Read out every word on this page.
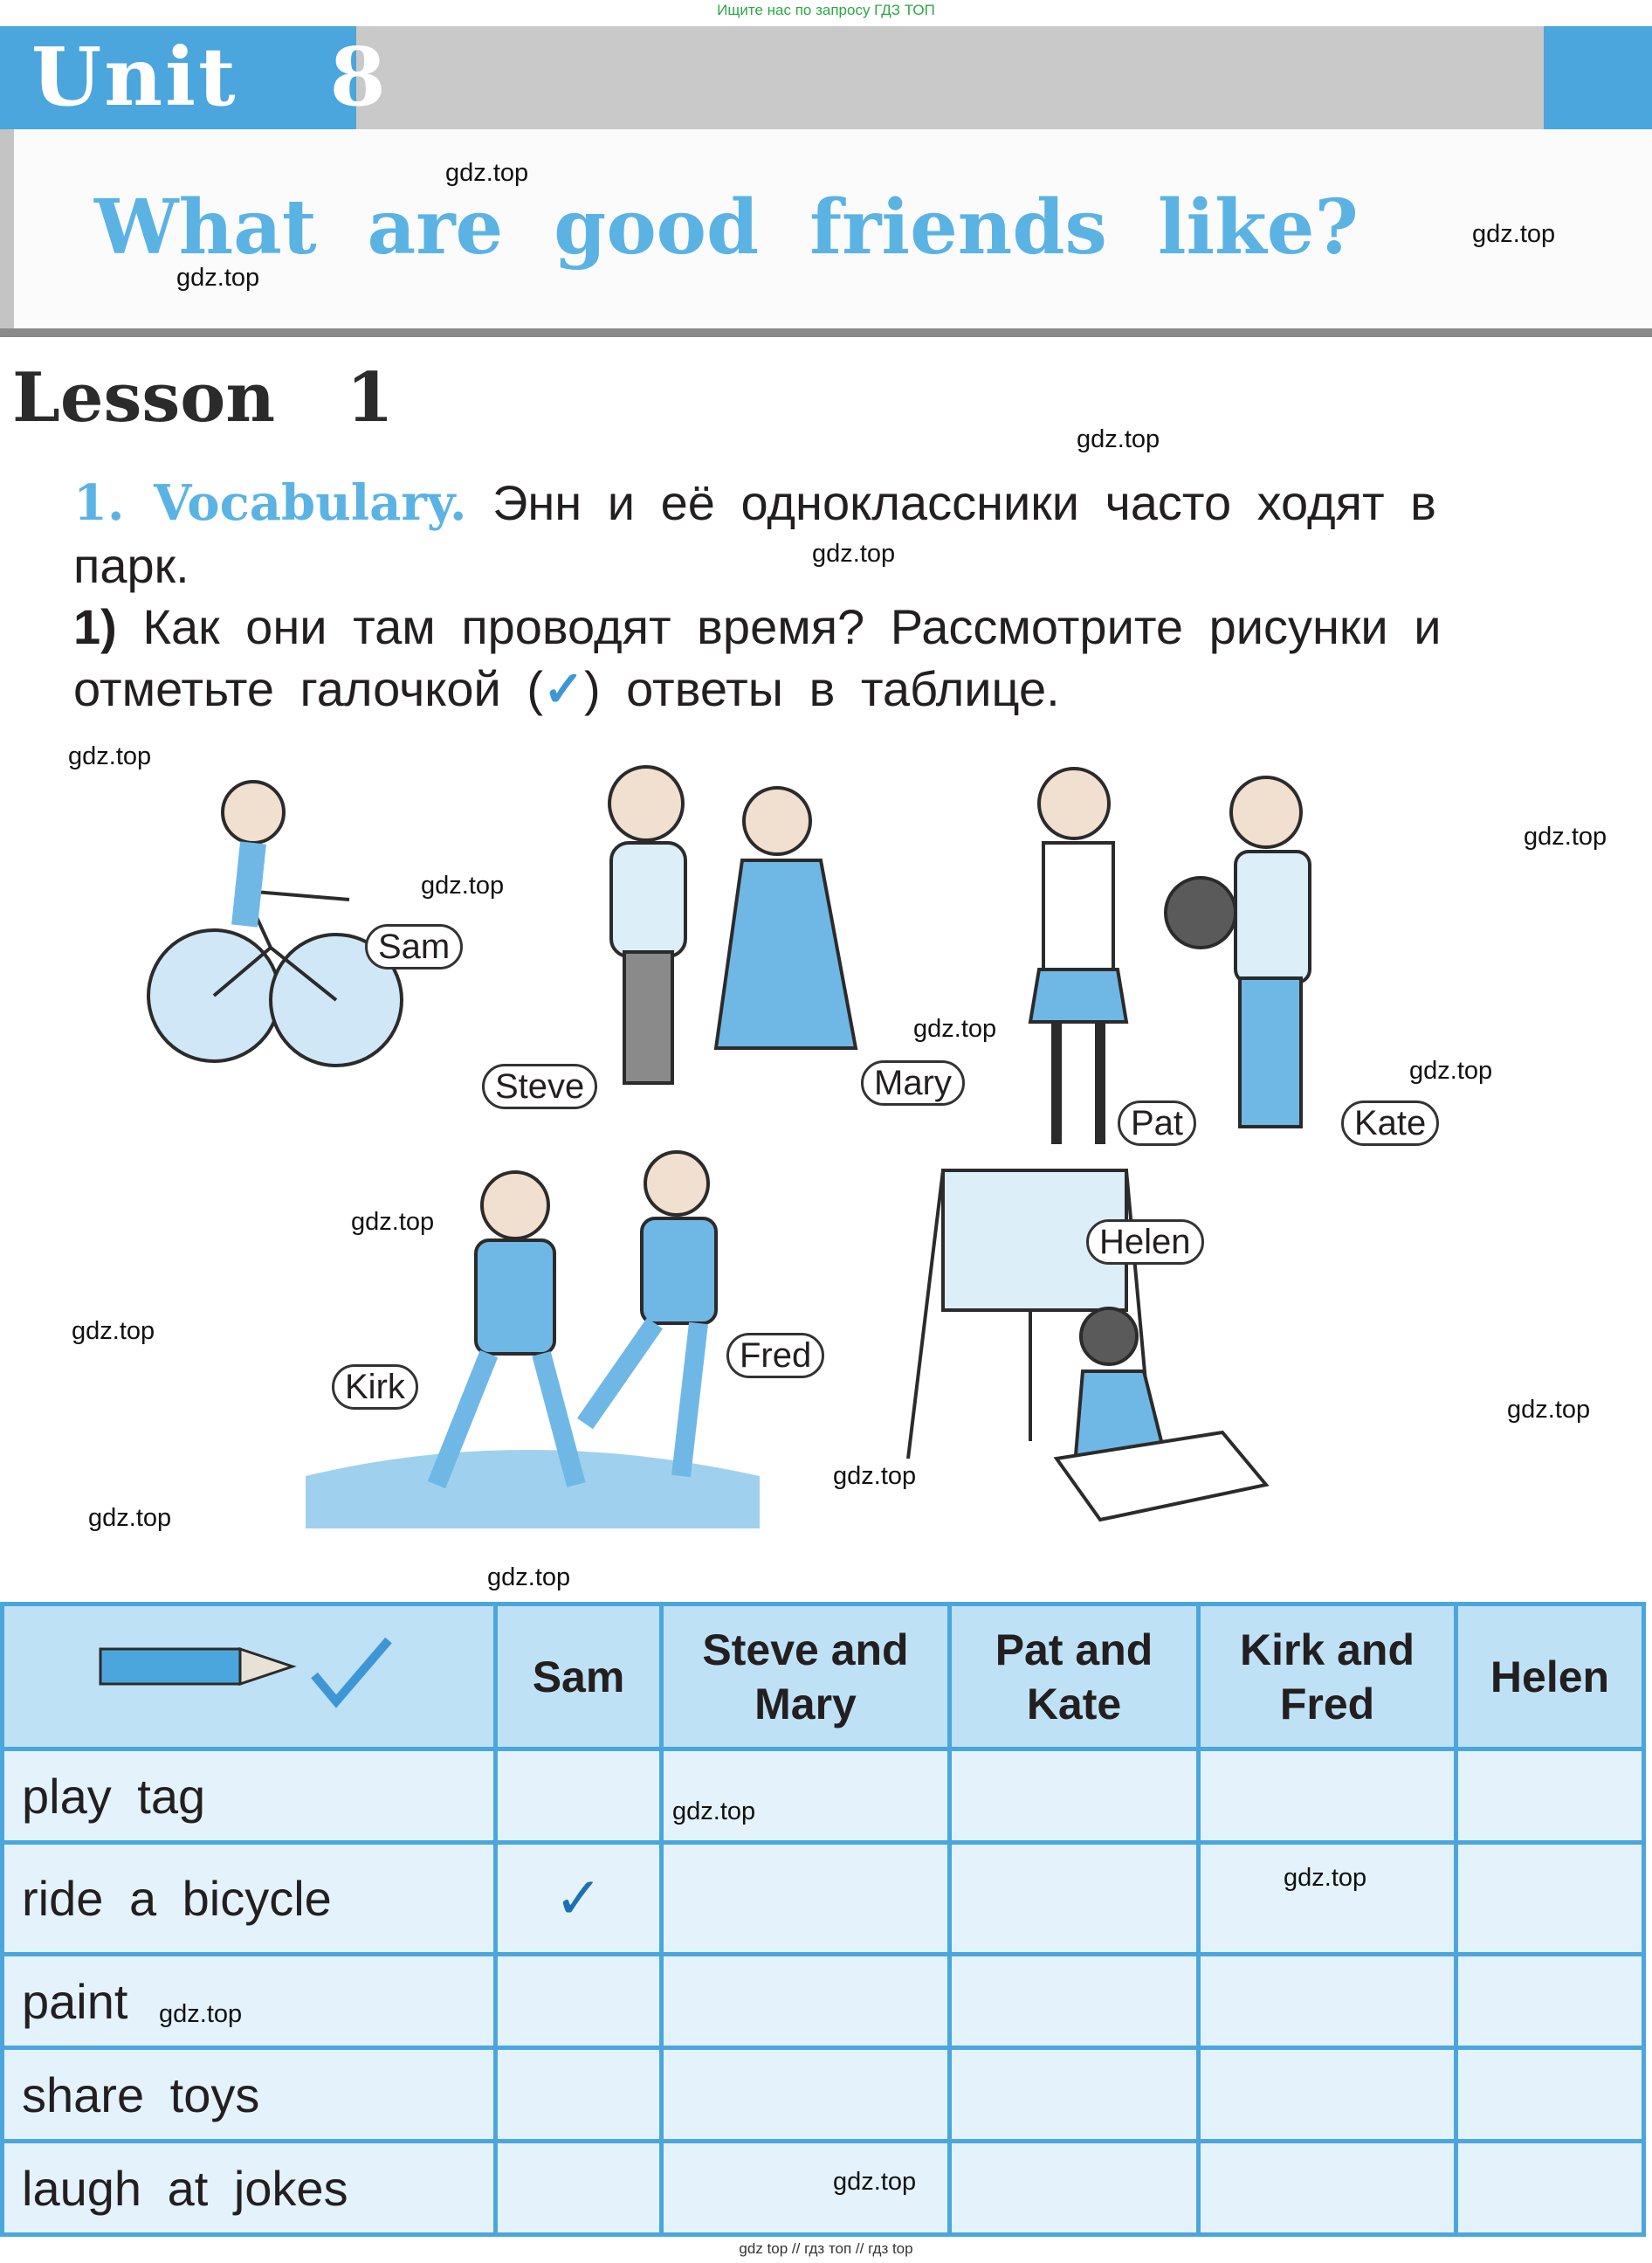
Ищите нас по запросу ГДЗ ТОП
Unit   8
What are good friends like?
Lesson   1
1. Vocabulary. Энн и её одноклассники часто ходят в парк.
1) Как они там проводят время? Рассмотрите рисунки и отметьте галочкой (✓) ответы в таблице.
Sam
Steve	Mary
Pat	Kate
Kirk
Fred
Helen
	Sam	Steve and Mary	Pat and Kate	Kirk and Fred	Helen
play tag					
ride a bicycle	✓				
paint					
share toys					
laugh at jokes					
gdz.top
gdz.top
gdz.top
gdz.top
gdz.top
gdz.top
gdz.top
gdz.top
gdz.top
gdz.top
gdz.top
gdz.top
gdz.top
gdz.top
gdz.top
gdz.top
gdz.top
gdz.top
gdz.top
gdz.top
gdz top // гдз топ // гдз top
